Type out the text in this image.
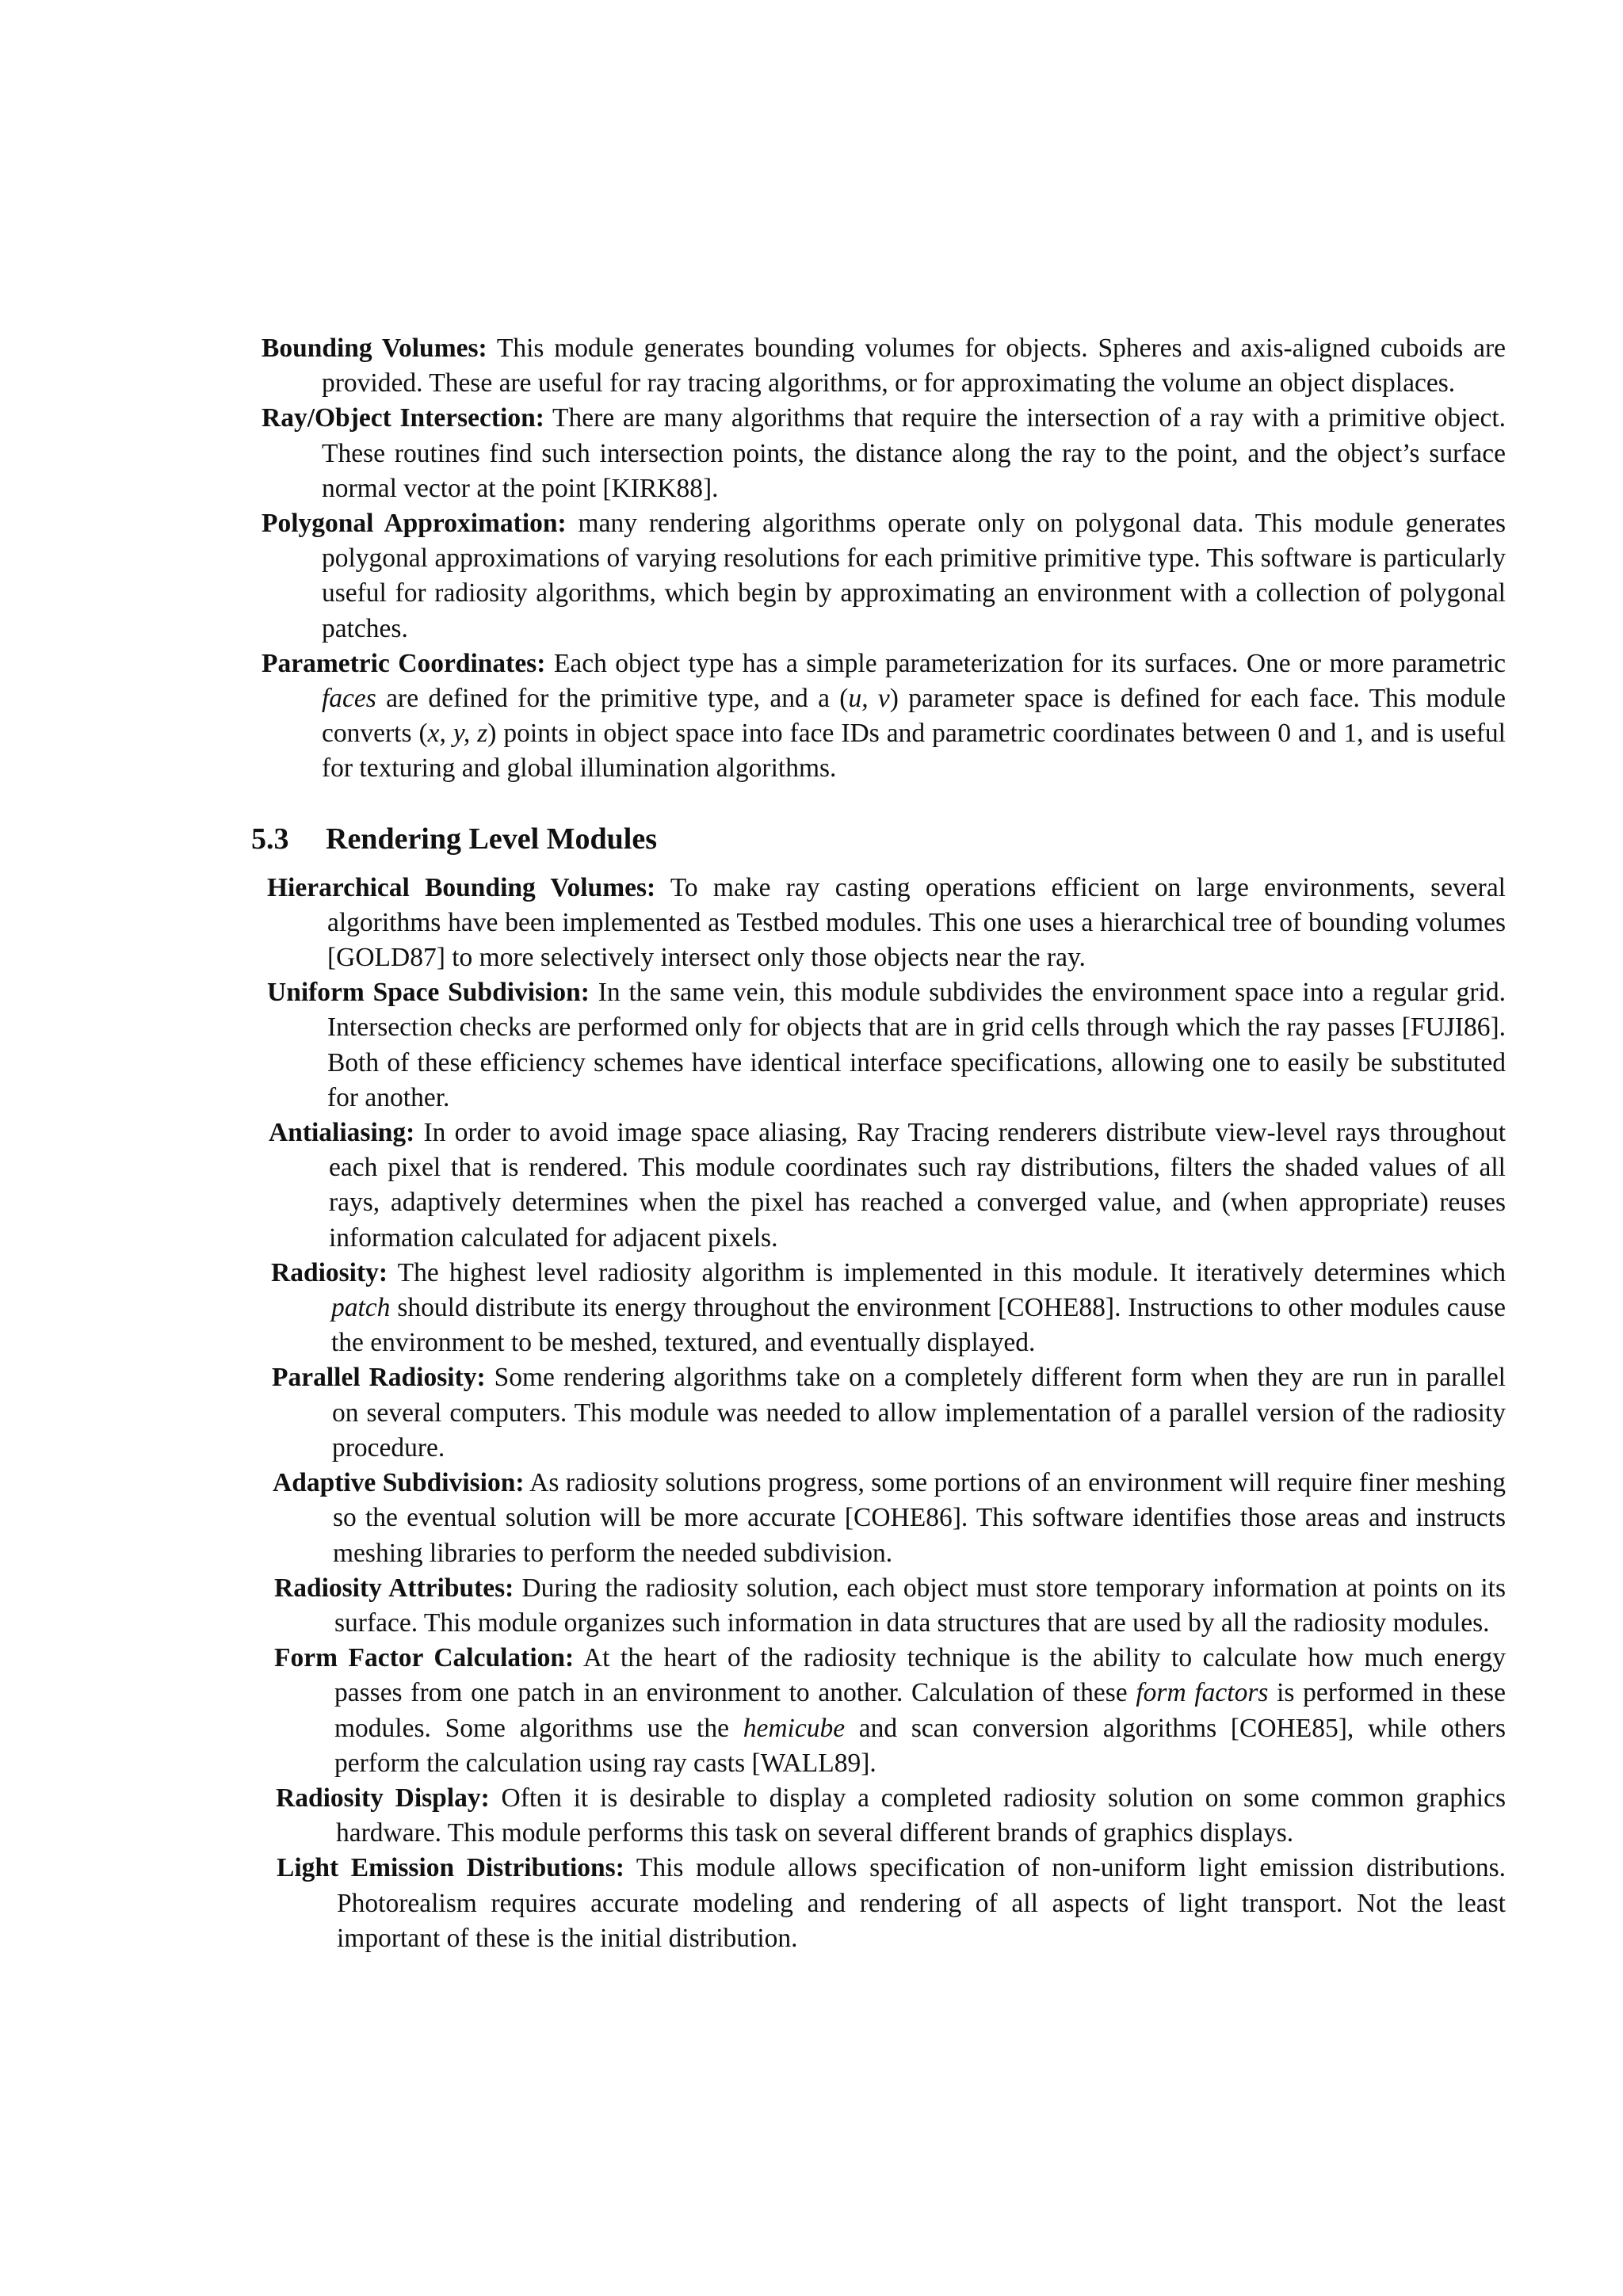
Bounding Volumes: This module generates bounding volumes for objects. Spheres and axis-aligned cuboids are provided. These are useful for ray tracing algorithms, or for approximating the volume an object displaces.

Ray/Object Intersection: There are many algorithms that require the intersection of a ray with a primitive object. These routines find such intersection points, the distance along the ray to the point, and the object’s surface normal vector at the point [KIRK88].

Polygonal Approximation: many rendering algorithms operate only on polygonal data. This module generates polygonal approximations of varying resolutions for each primitive primitive type. This software is particularly useful for radiosity algorithms, which begin by approximating an environment with a collection of polygonal patches.

Parametric Coordinates: Each object type has a simple parameterization for its surfaces. One or more parametric faces are defined for the primitive type, and a (u, v) parameter space is defined for each face. This module converts (x, y, z) points in object space into face IDs and parametric coordinates between 0 and 1, and is useful for texturing and global illumination algorithms.

5.3 Rendering Level Modules

Hierarchical Bounding Volumes: To make ray casting operations efficient on large environments, several algorithms have been implemented as Testbed modules. This one uses a hierarchical tree of bounding volumes [GOLD87] to more selectively intersect only those objects near the ray.

Uniform Space Subdivision: In the same vein, this module subdivides the environment space into a regular grid. Intersection checks are performed only for objects that are in grid cells through which the ray passes [FUJI86]. Both of these efficiency schemes have identical interface specifications, allowing one to easily be substituted for another.

Antialiasing: In order to avoid image space aliasing, Ray Tracing renderers distribute view-level rays throughout each pixel that is rendered. This module coordinates such ray distributions, filters the shaded values of all rays, adaptively determines when the pixel has reached a converged value, and (when appropriate) reuses information calculated for adjacent pixels.

Radiosity: The highest level radiosity algorithm is implemented in this module. It iteratively determines which patch should distribute its energy throughout the environment [COHE88]. Instructions to other modules cause the environment to be meshed, textured, and eventually displayed.

Parallel Radiosity: Some rendering algorithms take on a completely different form when they are run in parallel on several computers. This module was needed to allow implementation of a parallel version of the radiosity procedure.

Adaptive Subdivision: As radiosity solutions progress, some portions of an environment will require finer meshing so the eventual solution will be more accurate [COHE86]. This software identifies those areas and instructs meshing libraries to perform the needed subdivision.

Radiosity Attributes: During the radiosity solution, each object must store temporary information at points on its surface. This module organizes such information in data structures that are used by all the radiosity modules.

Form Factor Calculation: At the heart of the radiosity technique is the ability to calculate how much energy passes from one patch in an environment to another. Calculation of these form factors is performed in these modules. Some algorithms use the hemicube and scan conversion algorithms [COHE85], while others perform the calculation using ray casts [WALL89].

Radiosity Display: Often it is desirable to display a completed radiosity solution on some common graphics hardware. This module performs this task on several different brands of graphics displays.

Light Emission Distributions: This module allows specification of non-uniform light emission distributions. Photorealism requires accurate modeling and rendering of all aspects of light transport. Not the least important of these is the initial distribution.
